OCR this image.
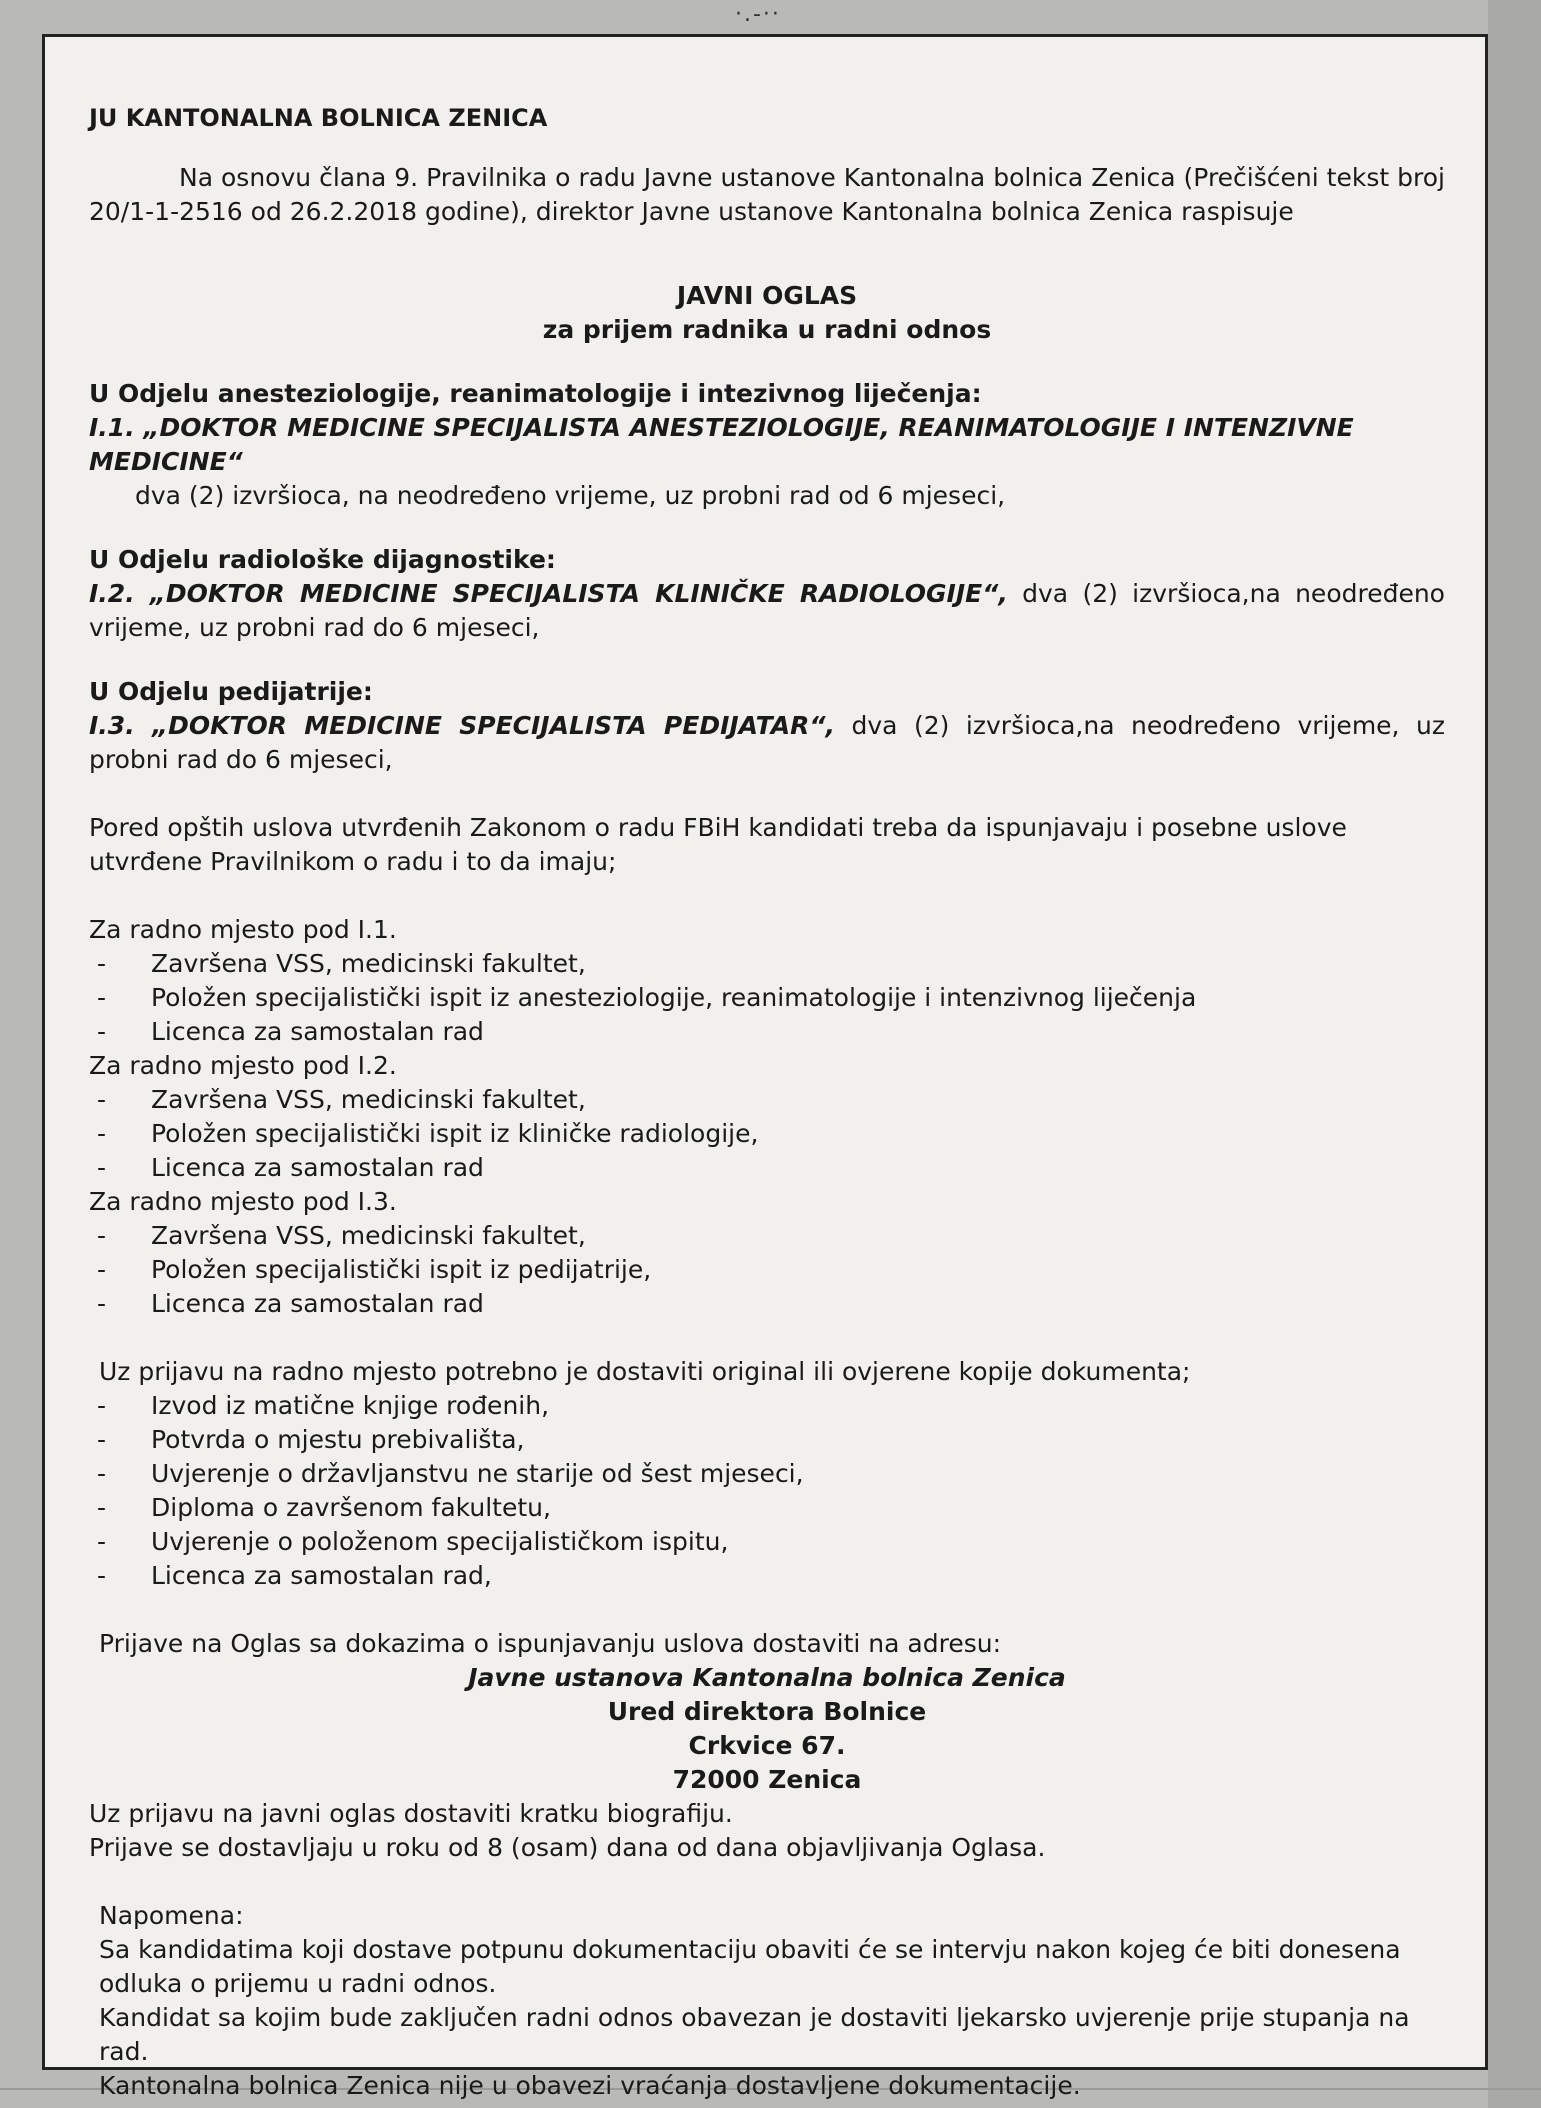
·.-··

JU KANTONALNA BOLNICA ZENICA

Na osnovu člana 9. Pravilnika o radu Javne ustanove Kantonalna bolnica Zenica (Prečišćeni tekst broj 20/1-1-2516 od 26.2.2018 godine), direktor Javne ustanove Kantonalna bolnica Zenica raspisuje

JAVNI OGLAS

za prijem radnika u radni odnos

U Odjelu anesteziologije, reanimatologije i intezivnog liječenja:

I.1. „DOKTOR MEDICINE SPECIJALISTA ANESTEZIOLOGIJE, REANIMATOLOGIJE I INTENZIVNE MEDICINE“

dva (2) izvršioca, na neodređeno vrijeme, uz probni rad od 6 mjeseci,

U Odjelu radiološke dijagnostike:

I.2. „DOKTOR MEDICINE SPECIJALISTA KLINIČKE RADIOLOGIJE“, dva (2) izvršioca,na neodređeno vrijeme, uz probni rad do 6 mjeseci,

U Odjelu pedijatrije:

I.3. „DOKTOR MEDICINE SPECIJALISTA PEDIJATAR“, dva (2) izvršioca,na neodređeno vrijeme, uz probni rad do 6 mjeseci,

Pored opštih uslova utvrđenih Zakonom o radu FBiH kandidati treba da ispunjavaju i posebne uslove utvrđene Pravilnikom o radu i to da imaju;

Za radno mjesto pod I.1.

- Završena VSS, medicinski fakultet,
- Položen specijalistički ispit iz anesteziologije, reanimatologije i intenzivnog liječenja
- Licenca za samostalan rad

Za radno mjesto pod I.2.

- Završena VSS, medicinski fakultet,
- Položen specijalistički ispit iz kliničke radiologije,
- Licenca za samostalan rad

Za radno mjesto pod I.3.

- Završena VSS, medicinski fakultet,
- Položen specijalistički ispit iz pedijatrije,
- Licenca za samostalan rad

Uz prijavu na radno mjesto potrebno je dostaviti original ili ovjerene kopije dokumenta;

- Izvod iz matične knjige rođenih,
- Potvrda o mjestu prebivališta,
- Uvjerenje o državljanstvu ne starije od šest mjeseci,
- Diploma o završenom fakultetu,
- Uvjerenje o položenom specijalističkom ispitu,
- Licenca za samostalan rad,

Prijave na Oglas sa dokazima o ispunjavanju uslova dostaviti na adresu:

Javne ustanova Kantonalna bolnica Zenica

Ured direktora Bolnice

Crkvice 67.

72000 Zenica

Uz prijavu na javni oglas dostaviti kratku biografiju.

Prijave se dostavljaju u roku od 8 (osam) dana od dana objavljivanja Oglasa.

Napomena:

Sa kandidatima koji dostave potpunu dokumentaciju obaviti će se intervju nakon kojeg će biti donesena odluka o prijemu u radni odnos.

Kandidat sa kojim bude zaključen radni odnos obavezan je dostaviti ljekarsko uvjerenje prije stupanja na rad.

Kantonalna bolnica Zenica nije u obavezi vraćanja dostavljene dokumentacije.
